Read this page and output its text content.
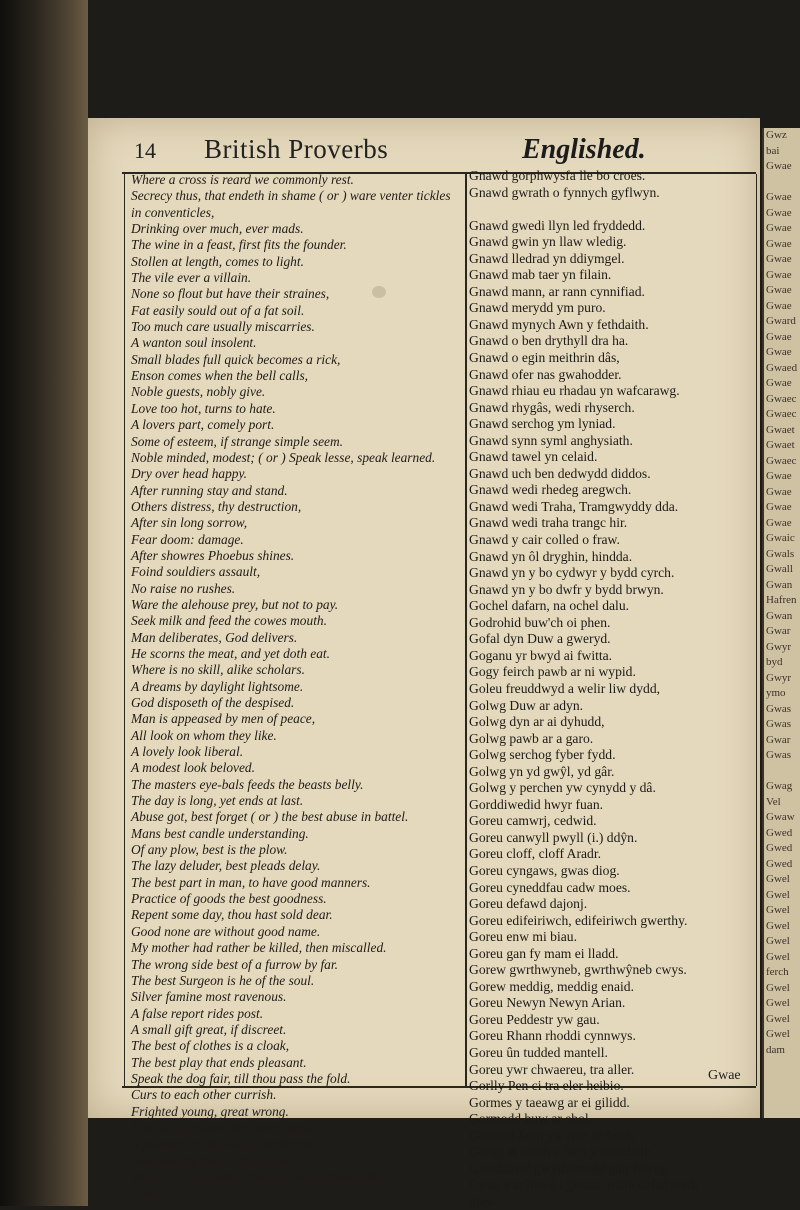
Gwz
bai
Gwae

Gwae
Gwae
Gwae
Gwae
Gwae
Gwae
Gwae
Gwae
Gward
Gwae
Gwae
Gwaed
Gwae
Gwaec
Gwaec
Gwaet
Gwaet
Gwaec
Gwae
Gwae
Gwae
Gwae
Gwaic
Gwals
Gwall
Gwan
Hafren
Gwan
Gwar
Gwyr
byd
Gwyr
ymo
Gwas
Gwas
Gwar
Gwas

Gwag
Vel
Gwaw
Gwed
Gwed
Gwed
Gwel
Gwel
Gwel
Gwel
Gwel
Gwel
ferch
Gwel
Gwel
Gwel
Gwel
dam
14 British Proverbs	Englished.
Where a cross is reard we commonly rest.
Secrecy thus, that endeth in shame ( or ) ware venter tickles
in conventicles,
Drinking over much, ever mads.
The wine in a feast, first fits the founder.
Stollen at length, comes to light.
The vile ever a villain.
None so flout but have their straines,
Fat easily sould out of a fat soil.
Too much care usually miscarries.
A wanton soul insolent.
Small blades full quick becomes a rick,
Enson comes when the bell calls,
Noble guests, nobly give.
Love too hot, turns to hate.
A lovers part, comely port.
Some of esteem, if strange simple seem.
Noble minded, modest; ( or ) Speak lesse, speak learned.
Dry over head happy.
After running stay and stand.
Others distress, thy destruction,
After sin long sorrow,
Fear doom: damage.
After showres Phoebus shines.
Foind souldiers assault,
No raise no rushes.
Ware the alehouse prey, but not to pay.
Seek milk and feed the cowes mouth.
Man deliberates, God delivers.
He scorns the meat, and yet doth eat.
Where is no skill, alike scholars.
A dreams by daylight lightsome.
God disposeth of the despised.
Man is appeased by men of peace,
All look on whom they like.
A lovely look liberal.
A modest look beloved.
The masters eye-bals feeds the beasts belly.
The day is long, yet ends at last.
Abuse got, best forget ( or ) the best abuse in battel.
Mans best candle understanding.
Of any plow, best is the plow.
The lazy deluder, best pleads delay.
The best part in man, to have good manners.
Practice of goods the best goodness.
Repent some day, thou hast sold dear.
Good none are without good name.
My mother had rather be killed, then miscalled.
The wrong side best of a furrow by far.
The best Surgeon is he of the soul.
Silver famine most ravenous.
A false report rides post.
A small gift great, if discreet.
The best of clothes is a cloak,
The best play that ends pleasant.
Speak the dog fair, till thou pass the fold.
Curs to each other currish.
Frighted young, great wrong.
Trot too oft makes the steed stand.
A journey not far easily performed.
Deeplies the hearts language.
Woe to the man who dines on rotten sheep after
rain.
Gnawd gorphwysfa lle bo croes.
Gnawd gwrath o fynnych gyflwyn.

Gnawd gwedi llyn led fryddedd.
Gnawd gwin yn llaw wledig.
Gnawd lledrad yn ddiymgel.
Gnawd mab taer yn filain.
Gnawd mann, ar rann cynnifiad.
Gnawd merydd ym puro.
Gnawd mynych Awn y fethdaith.
Gnawd o ben drythyll dra ha.
Gnawd o egin meithrin dâs,
Gnawd ofer nas gwahodder.
Gnawd rhiau eu rhadau yn wafcarawg.
Gnawd rhygâs, wedi rhyserch.
Gnawd serchog ym lyniad.
Gnawd synn syml anghysiath.
Gnawd tawel yn celaid.
Gnawd uch ben dedwydd diddos.
Gnawd wedi rhedeg aregwch.
Gnawd wedi Traha, Tramgwyddy dda.
Gnawd wedi traha trangc hir.
Gnawd y cair colled o fraw.
Gnawd yn ôl dryghin, hindda.
Gnawd yn y bo cydwyr y bydd cyrch.
Gnawd yn y bo dwfr y bydd brwyn.
Gochel dafarn, na ochel dalu.
Godrohid buw'ch oi phen.
Gofal dyn Duw a gweryd.
Goganu yr bwyd ai fwitta.
Gogy feirch pawb ar ni wypid.
Goleu freuddwyd a welir liw dydd,
Golwg Duw ar adyn.
Golwg dyn ar ai dyhudd,
Golwg pawb ar a garo.
Golwg serchog fyber fydd.
Golwg yn yd gwŷl, yd gâr.
Golwg y perchen yw cynydd y dâ.
Gorddiwedid hwyr fuan.
Goreu camwrj, cedwid.
Goreu canwyll pwyll (i.) ddŷn.
Goreu cloff, cloff Aradr.
Goreu cyngaws, gwas diog.
Goreu cyneddfau cadw moes.
Goreu defawd dajonj.
Goreu edifeiriwch, edifeiriwch gwerthy.
Goreu enw mi biau.
Goreu gan fy mam ei lladd.
Gorew gwrthwyneb, gwrthwŷneb cwys.
Gorew meddig, meddig enaid.
Goreu Newyn Newyn Arian.
Goreu Peddestr yw gau.
Goreu Rhann rhoddi cynnwys.
Goreu ûn tudded mantell.
Goreu ywr chwaereu, tra aller.
Gorlly Pen ci tra eler heibio.
Gormes y taeawg ar ei gilidd.
Gormodd buw ar ebol.
Gormod Jaith yw twrt ar farch.
Gorug ei waith a fach y fachdaith.
Gwaddawd gwythlonedd gair blwng.
Cwae a ar hos ô i giniau, o din dafad wedi
glaw.
Gwae
